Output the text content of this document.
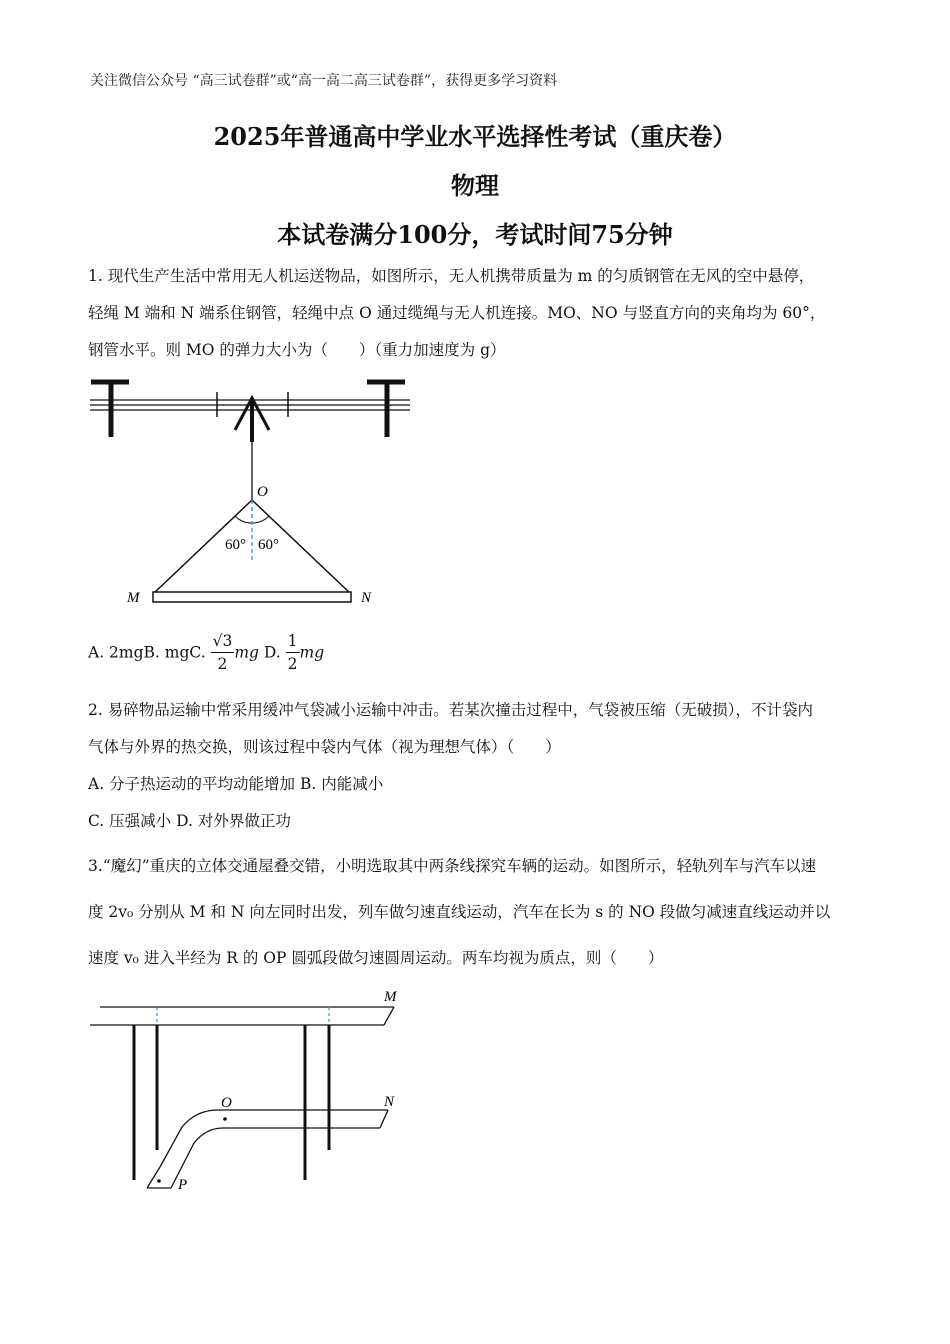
关注微信公众号 “高三试卷群”或“高一高二高三试卷群”，获得更多学习资料
2025年普通高中学业水平选择性考试（重庆卷）
物理
本试卷满分100分，考试时间75分钟
1. 现代生产生活中常用无人机运送物品，如图所示，无人机携带质量为 m 的匀质钢管在无风的空中悬停，
轻绳 M 端和 N 端系住钢管，轻绳中点 O 通过缆绳与无人机连接。MO、NO 与竖直方向的夹角均为 60°，
钢管水平。则 MO 的弹力大小为（　　）（重力加速度为 g）
O
60° 60°
M	N
A. 2mgB. mgC. $\frac{√3}{2}$ mg D. $\frac{1}{2}$ mg
2. 易碎物品运输中常采用缓冲气袋减小运输中冲击。若某次撞击过程中，气袋被压缩（无破损），不计袋内
气体与外界的热交换，则该过程中袋内气体（视为理想气体）（　　）
A. 分子热运动的平均动能增加 B. 内能减小
C. 压强减小 D. 对外界做正功
3.“魔幻”重庆的立体交通屋叠交错，小明选取其中两条线探究车辆的运动。如图所示，轻轨列车与汽车以速
度 2v₀ 分别从 M 和 N 向左同时出发，列车做匀速直线运动，汽车在长为 s 的 NO 段做匀减速直线运动并以
速度 v₀ 进入半经为 R 的 OP 圆弧段做匀速圆周运动。两车均视为质点，则（　　）
M
N
O
P
